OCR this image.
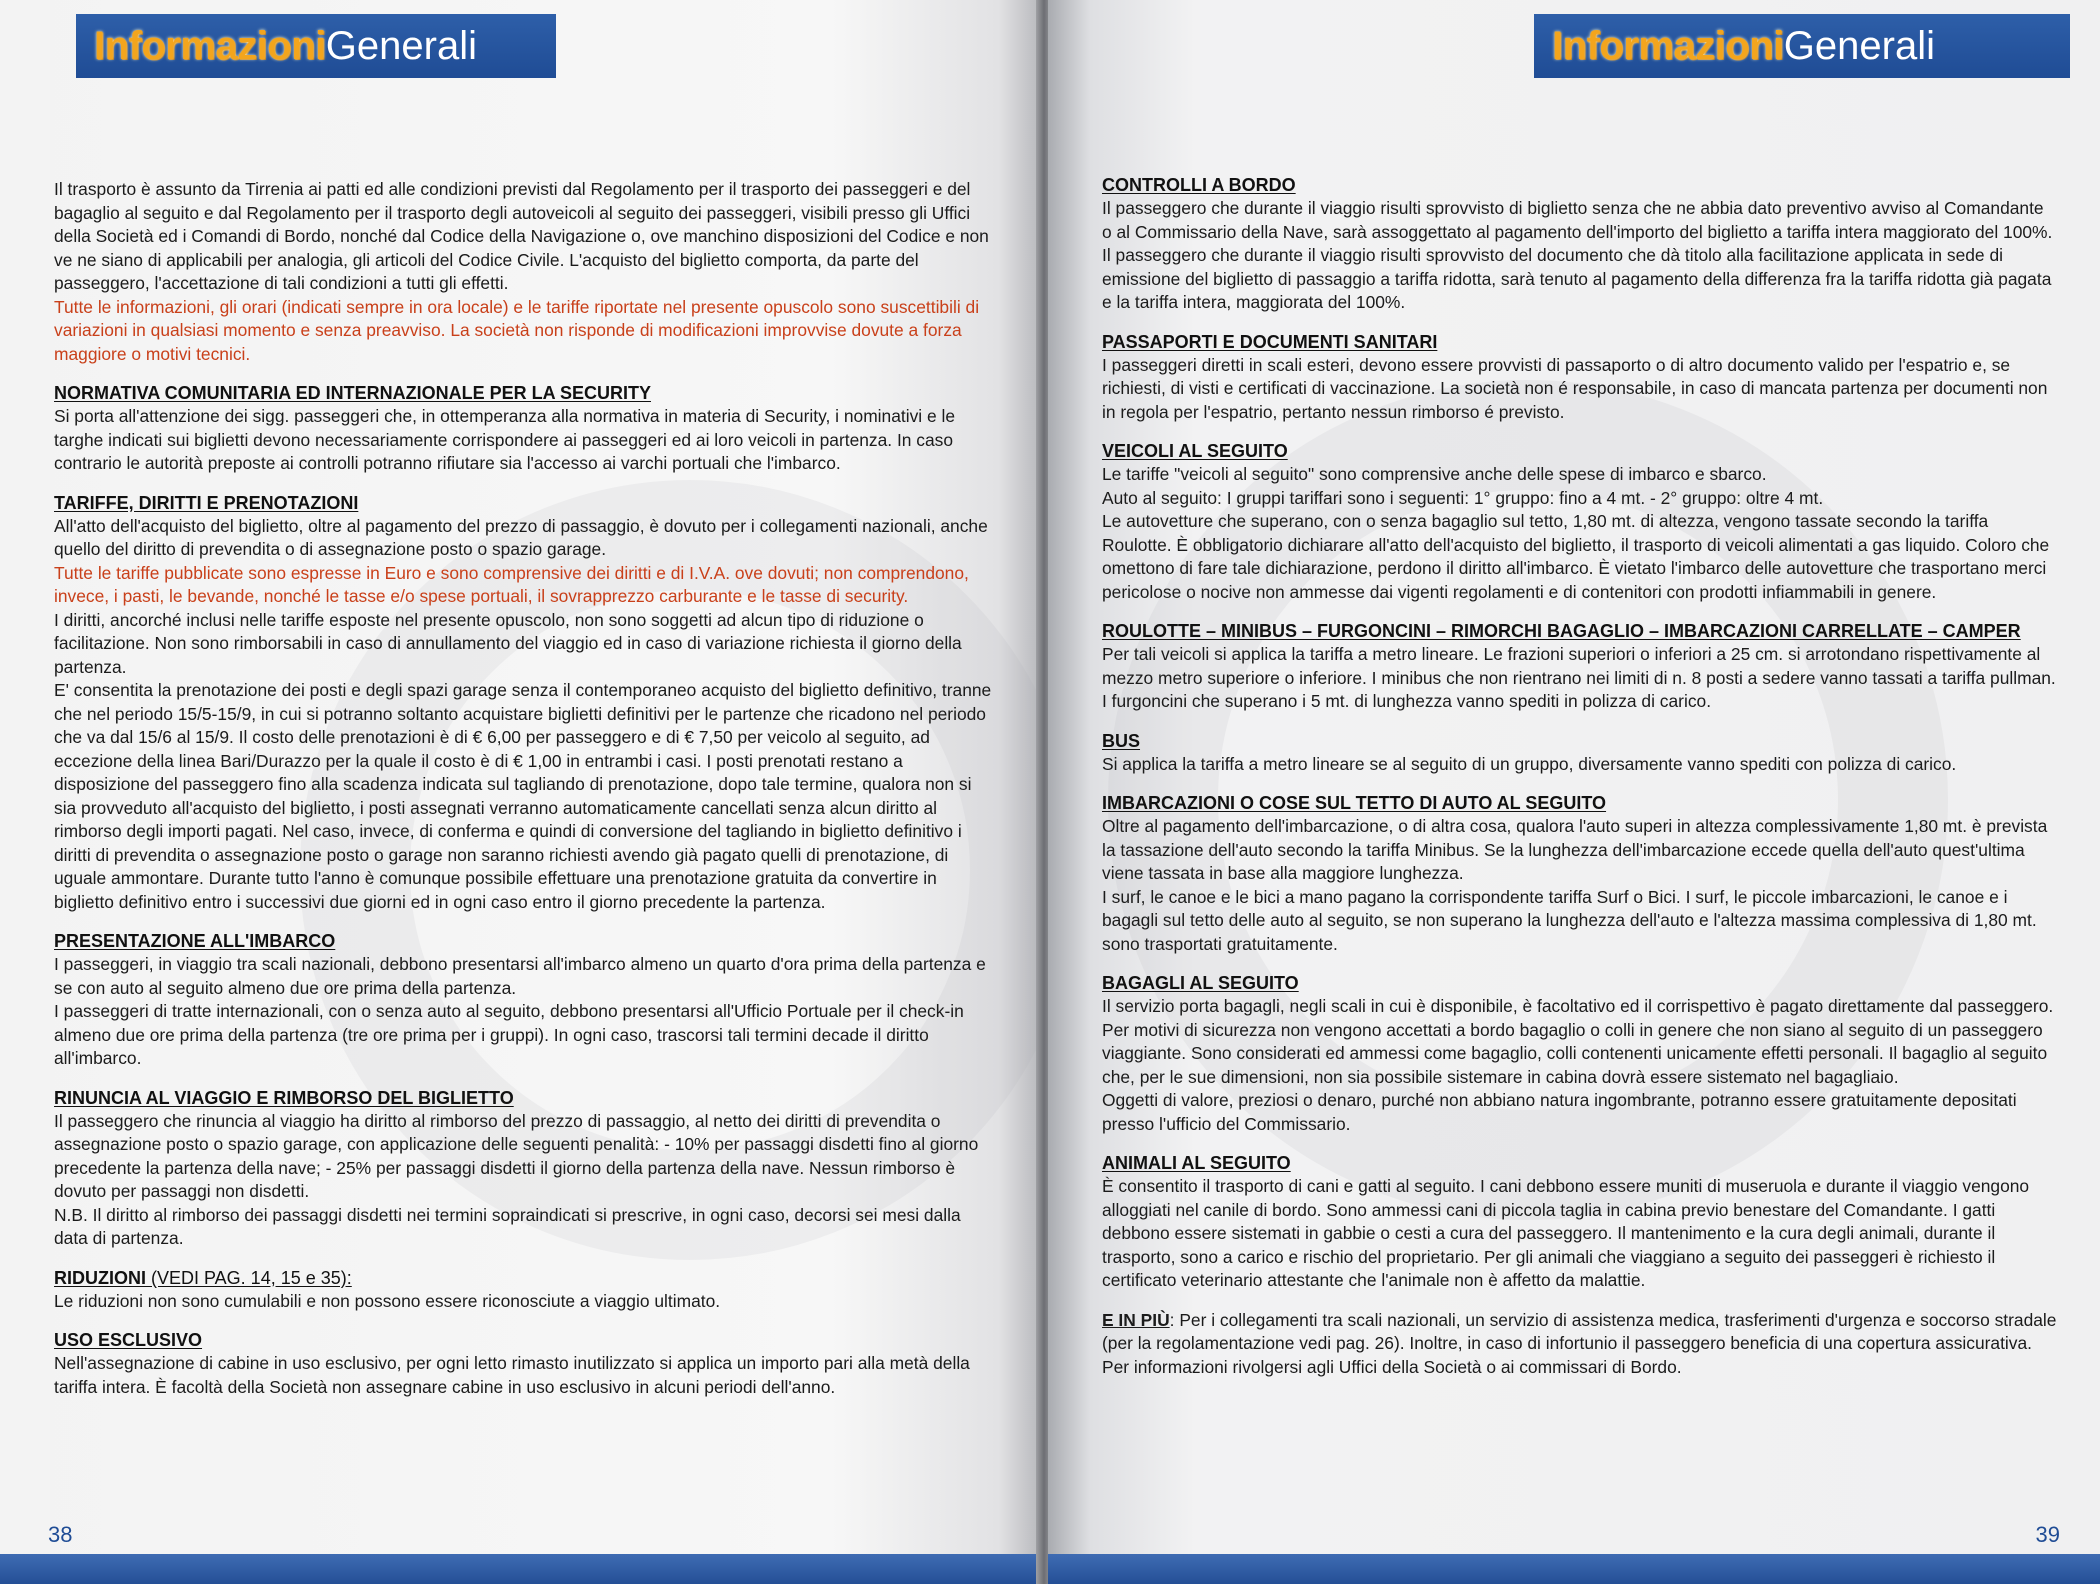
Informazioni Generali

Il trasporto è assunto da Tirrenia ai patti ed alle condizioni previsti dal Regolamento per il trasporto dei passeggeri e del bagaglio al seguito e dal Regolamento per il trasporto degli autoveicoli al seguito dei passeggeri, visibili presso gli Uffici della Società ed i Comandi di Bordo, nonché dal Codice della Navigazione o, ove manchino disposizioni del Codice e non ve ne siano di applicabili per analogia, gli articoli del Codice Civile. L'acquisto del biglietto comporta, da parte del passeggero, l'accettazione di tali condizioni a tutti gli effetti.

Tutte le informazioni, gli orari (indicati sempre in ora locale) e le tariffe riportate nel presente opuscolo sono suscettibili di variazioni in qualsiasi momento e senza preavviso. La società non risponde di modificazioni improvvise dovute a forza maggiore o motivi tecnici.

NORMATIVA COMUNITARIA ED INTERNAZIONALE PER LA SECURITY

Si porta all'attenzione dei sigg. passeggeri che, in ottemperanza alla normativa in materia di Security, i nominativi e le targhe indicati sui biglietti devono necessariamente corrispondere ai passeggeri ed ai loro veicoli in partenza. In caso contrario le autorità preposte ai controlli potranno rifiutare sia l'accesso ai varchi portuali che l'imbarco.

TARIFFE, DIRITTI E PRENOTAZIONI

All'atto dell'acquisto del biglietto, oltre al pagamento del prezzo di passaggio, è dovuto per i collegamenti nazionali, anche quello del diritto di prevendita o di assegnazione posto o spazio garage.

Tutte le tariffe pubblicate sono espresse in Euro e sono comprensive dei diritti e di I.V.A. ove dovuti; non comprendono, invece, i pasti, le bevande, nonché le tasse e/o spese portuali, il sovrapprezzo carburante e le tasse di security.

I diritti, ancorché inclusi nelle tariffe esposte nel presente opuscolo, non sono soggetti ad alcun tipo di riduzione o facilitazione. Non sono rimborsabili in caso di annullamento del viaggio ed in caso di variazione richiesta il giorno della partenza.

E' consentita la prenotazione dei posti e degli spazi garage senza il contemporaneo acquisto del biglietto definitivo, tranne che nel periodo 15/5-15/9, in cui si potranno soltanto acquistare biglietti definitivi per le partenze che ricadono nel periodo che va dal 15/6 al 15/9. Il costo delle prenotazioni è di € 6,00 per passeggero e di € 7,50 per veicolo al seguito, ad eccezione della linea Bari/Durazzo per la quale il costo è di € 1,00 in entrambi i casi. I posti prenotati restano a disposizione del passeggero fino alla scadenza indicata sul tagliando di prenotazione, dopo tale termine, qualora non si sia provveduto all'acquisto del biglietto, i posti assegnati verranno automaticamente cancellati senza alcun diritto al rimborso degli importi pagati. Nel caso, invece, di conferma e quindi di conversione del tagliando in biglietto definitivo i diritti di prevendita o assegnazione posto o garage non saranno richiesti avendo già pagato quelli di prenotazione, di uguale ammontare. Durante tutto l'anno è comunque possibile effettuare una prenotazione gratuita da convertire in biglietto definitivo entro i successivi due giorni ed in ogni caso entro il giorno precedente la partenza.

PRESENTAZIONE ALL'IMBARCO

I passeggeri, in viaggio tra scali nazionali, debbono presentarsi all'imbarco almeno un quarto d'ora prima della partenza e se con auto al seguito almeno due ore prima della partenza.

I passeggeri di tratte internazionali, con o senza auto al seguito, debbono presentarsi all'Ufficio Portuale per il check-in almeno due ore prima della partenza (tre ore prima per i gruppi). In ogni caso, trascorsi tali termini decade il diritto all'imbarco.

RINUNCIA AL VIAGGIO E RIMBORSO DEL BIGLIETTO

Il passeggero che rinuncia al viaggio ha diritto al rimborso del prezzo di passaggio, al netto dei diritti di prevendita o assegnazione posto o spazio garage, con applicazione delle seguenti penalità: - 10% per passaggi disdetti fino al giorno precedente la partenza della nave; - 25% per passaggi disdetti il giorno della partenza della nave. Nessun rimborso è dovuto per passaggi non disdetti.

N.B. Il diritto al rimborso dei passaggi disdetti nei termini sopraindicati si prescrive, in ogni caso, decorsi sei mesi dalla data di partenza.

RIDUZIONI (VEDI PAG. 14, 15 e 35):

Le riduzioni non sono cumulabili e non possono essere riconosciute a viaggio ultimato.

USO ESCLUSIVO

Nell'assegnazione di cabine in uso esclusivo, per ogni letto rimasto inutilizzato si applica un importo pari alla metà della tariffa intera. È facoltà della Società non assegnare cabine in uso esclusivo in alcuni periodi dell'anno.

38
Informazioni Generali
CONTROLLI A BORDO

Il passeggero che durante il viaggio risulti sprovvisto di biglietto senza che ne abbia dato preventivo avviso al Comandante o al Commissario della Nave, sarà assoggettato al pagamento dell'importo del biglietto a tariffa intera maggiorato del 100%. Il passeggero che durante il viaggio risulti sprovvisto del documento che dà titolo alla facilitazione applicata in sede di emissione del biglietto di passaggio a tariffa ridotta, sarà tenuto al pagamento della differenza fra la tariffa ridotta già pagata e la tariffa intera, maggiorata del 100%.

PASSAPORTI E DOCUMENTI SANITARI

I passeggeri diretti in scali esteri, devono essere provvisti di passaporto o di altro documento valido per l'espatrio e, se richiesti, di visti e certificati di vaccinazione. La società non é responsabile, in caso di mancata partenza per documenti non in regola per l'espatrio, pertanto nessun rimborso é previsto.

VEICOLI AL SEGUITO

Le tariffe "veicoli al seguito" sono comprensive anche delle spese di imbarco e sbarco.

Auto al seguito: I gruppi tariffari sono i seguenti: 1° gruppo: fino a 4 mt. - 2° gruppo: oltre 4 mt.

Le autovetture che superano, con o senza bagaglio sul tetto, 1,80 mt. di altezza, vengono tassate secondo la tariffa Roulotte. È obbligatorio dichiarare all'atto dell'acquisto del biglietto, il trasporto di veicoli alimentati a gas liquido. Coloro che omettono di fare tale dichiarazione, perdono il diritto all'imbarco. È vietato l'imbarco delle autovetture che trasportano merci pericolose o nocive non ammesse dai vigenti regolamenti e di contenitori con prodotti infiammabili in genere.

ROULOTTE – MINIBUS – FURGONCINI – RIMORCHI BAGAGLIO – IMBARCAZIONI CARRELLATE – CAMPER

Per tali veicoli si applica la tariffa a metro lineare. Le frazioni superiori o inferiori a 25 cm. si arrotondano rispettivamente al mezzo metro superiore o inferiore. I minibus che non rientrano nei limiti di n. 8 posti a sedere vanno tassati a tariffa pullman. I furgoncini che superano i 5 mt. di lunghezza vanno spediti in polizza di carico.

BUS

Si applica la tariffa a metro lineare se al seguito di un gruppo, diversamente vanno spediti con polizza di carico.

IMBARCAZIONI O COSE SUL TETTO DI AUTO AL SEGUITO

Oltre al pagamento dell'imbarcazione, o di altra cosa, qualora l'auto superi in altezza complessivamente 1,80 mt. è prevista la tassazione dell'auto secondo la tariffa Minibus. Se la lunghezza dell'imbarcazione eccede quella dell'auto quest'ultima viene tassata in base alla maggiore lunghezza.

I surf, le canoe e le bici a mano pagano la corrispondente tariffa Surf o Bici. I surf, le piccole imbarcazioni, le canoe e i bagagli sul tetto delle auto al seguito, se non superano la lunghezza dell'auto e l'altezza massima complessiva di 1,80 mt. sono trasportati gratuitamente.

BAGAGLI AL SEGUITO

Il servizio porta bagagli, negli scali in cui è disponibile, è facoltativo ed il corrispettivo è pagato direttamente dal passeggero.

Per motivi di sicurezza non vengono accettati a bordo bagaglio o colli in genere che non siano al seguito di un passeggero viaggiante. Sono considerati ed ammessi come bagaglio, colli contenenti unicamente effetti personali. Il bagaglio al seguito che, per le sue dimensioni, non sia possibile sistemare in cabina dovrà essere sistemato nel bagagliaio.

Oggetti di valore, preziosi o denaro, purché non abbiano natura ingombrante, potranno essere gratuitamente depositati presso l'ufficio del Commissario.

ANIMALI AL SEGUITO

È consentito il trasporto di cani e gatti al seguito. I cani debbono essere muniti di museruola e durante il viaggio vengono alloggiati nel canile di bordo. Sono ammessi cani di piccola taglia in cabina previo benestare del Comandante. I gatti debbono essere sistemati in gabbie o cesti a cura del passeggero. Il mantenimento e la cura degli animali, durante il trasporto, sono a carico e rischio del proprietario. Per gli animali che viaggiano a seguito dei passeggeri è richiesto il certificato veterinario attestante che l'animale non è affetto da malattie.

E IN PIÙ: Per i collegamenti tra scali nazionali, un servizio di assistenza medica, trasferimenti d'urgenza e soccorso stradale (per la regolamentazione vedi pag. 26). Inoltre, in caso di infortunio il passeggero beneficia di una copertura assicurativa. Per informazioni rivolgersi agli Uffici della Società o ai commissari di Bordo.

39
